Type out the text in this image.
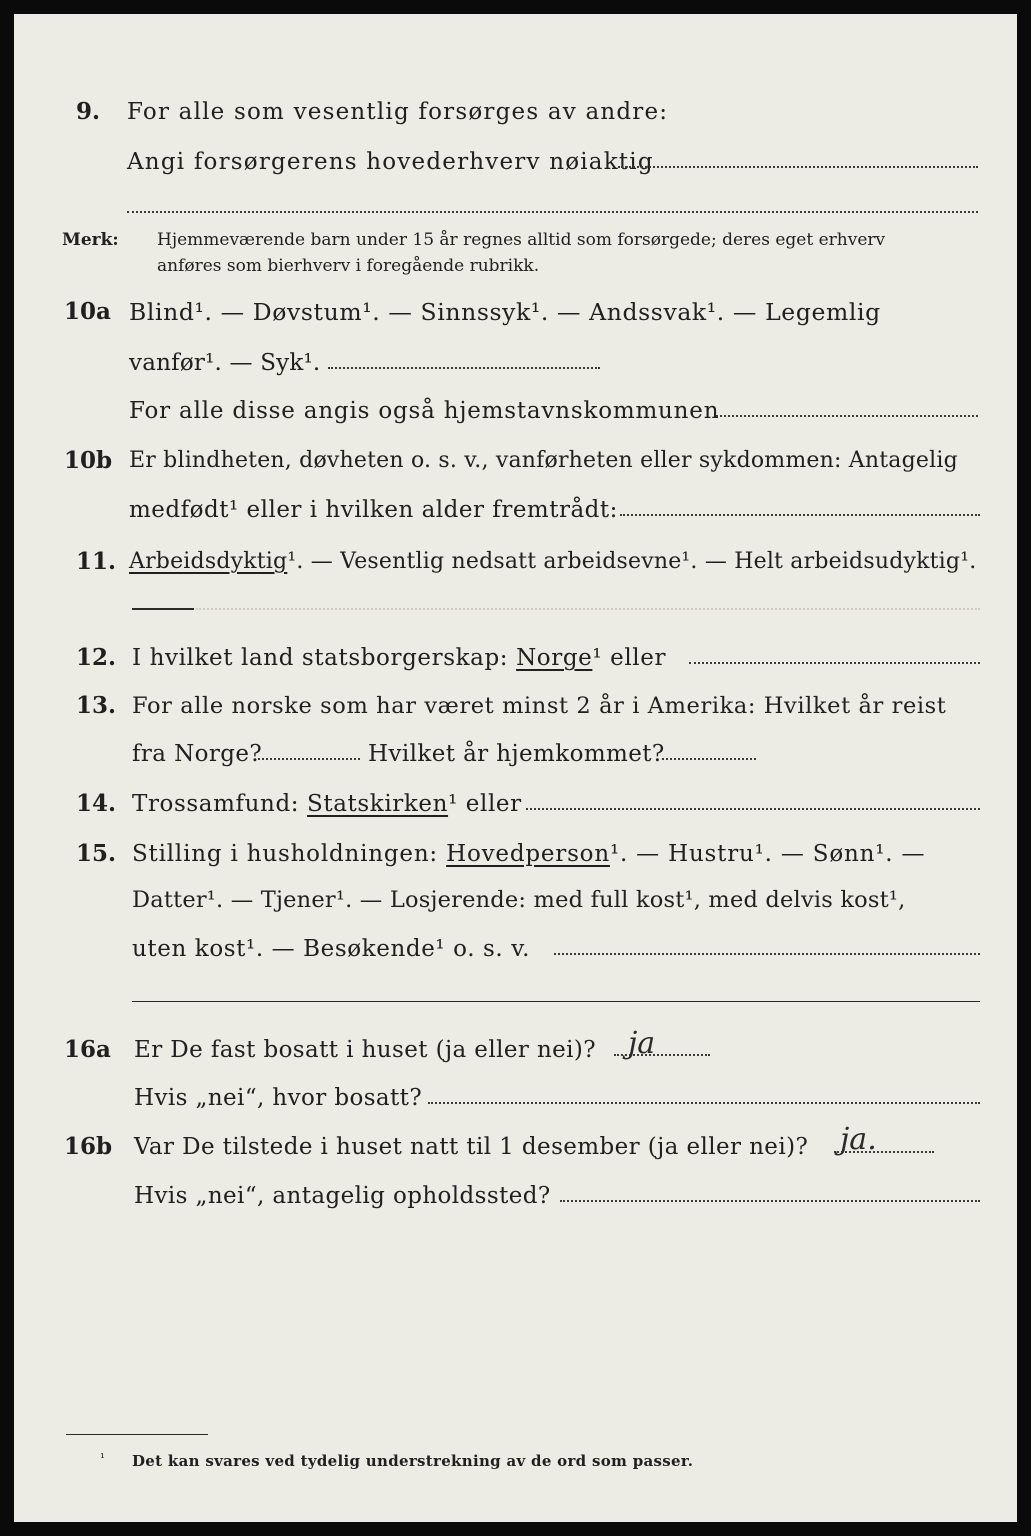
9. For alle som vesentlig forsørges av andre:
Angi forsørgerens hovederhverv nøiaktig
Merk: Hjemmeværende barn under 15 år regnes alltid som forsørgede; deres eget erhverv
anføres som bierhverv i foregående rubrikk.
10a Blind¹. — Døvstum¹. — Sinnssyk¹. — Andssvak¹. — Legemlig
vanfør¹. — Syk¹.
For alle disse angis også hjemstavnskommunen
10b Er blindheten, døvheten o. s. v., vanførheten eller sykdommen: Antagelig
medfødt¹ eller i hvilken alder fremtrådt:
11. Arbeidsdyktig¹. — Vesentlig nedsatt arbeidsevne¹. — Helt arbeidsudyktig¹.
12. I hvilket land statsborgerskap: Norge¹ eller
13. For alle norske som har været minst 2 år i Amerika: Hvilket år reist
fra Norge?	Hvilket år hjemkommet?
14. Trossamfund: Statskirken¹ eller
15. Stilling i husholdningen: Hovedperson¹. — Hustru¹. — Sønn¹. —
Datter¹. — Tjener¹. — Losjerende: med full kost¹, med delvis kost¹,
uten kost¹. — Besøkende¹ o. s. v.
16a Er De fast bosatt i huset (ja eller nei)? ja
Hvis „nei“, hvor bosatt?
16b Var De tilstede i huset natt til 1 desember (ja eller nei)? ja.
Hvis „nei“, antagelig opholdssted?
¹ Det kan svares ved tydelig understrekning av de ord som passer.
